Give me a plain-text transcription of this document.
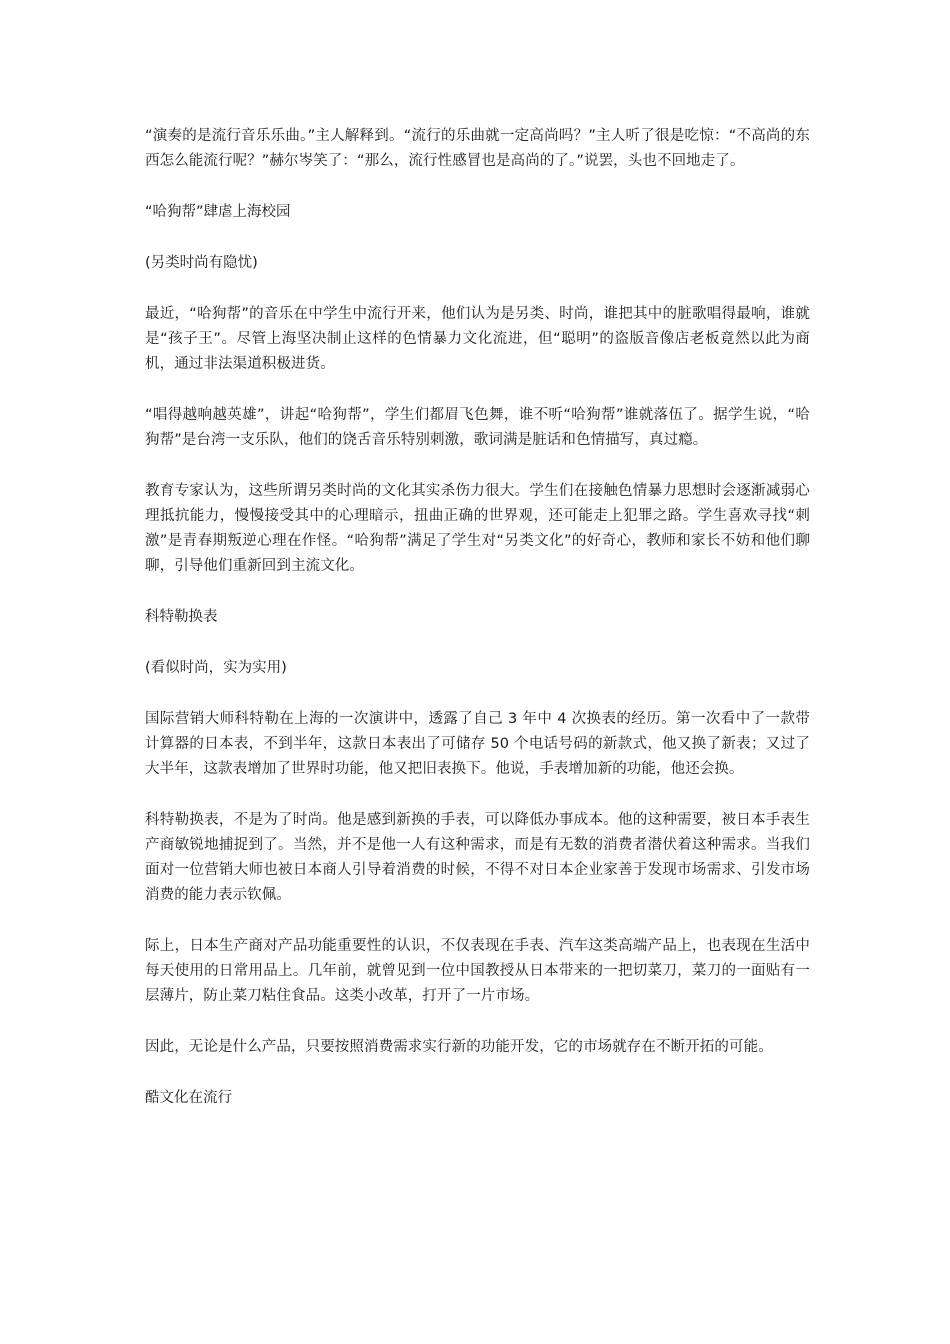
“演奏的是流行音乐乐曲。”主人解释到。“流行的乐曲就一定高尚吗？”主人听了很是吃惊：“不高尚的东西怎么能流行呢？”赫尔岑笑了：“那么，流行性感冒也是高尚的了。”说罢，头也不回地走了。

“哈狗帮”肆虐上海校园

(另类时尚有隐忧)

最近，“哈狗帮”的音乐在中学生中流行开来，他们认为是另类、时尚，谁把其中的脏歌唱得最响，谁就是“孩子王”。尽管上海坚决制止这样的色情暴力文化流进，但“聪明”的盗版音像店老板竟然以此为商机，通过非法渠道积极进货。

“唱得越响越英雄”，讲起“哈狗帮”，学生们都眉飞色舞，谁不听“哈狗帮”谁就落伍了。据学生说，“哈狗帮”是台湾一支乐队，他们的饶舌音乐特别刺激，歌词满是脏话和色情描写，真过瘾。

教育专家认为，这些所谓另类时尚的文化其实杀伤力很大。学生们在接触色情暴力思想时会逐渐减弱心理抵抗能力，慢慢接受其中的心理暗示，扭曲正确的世界观，还可能走上犯罪之路。学生喜欢寻找“刺激”是青春期叛逆心理在作怪。“哈狗帮”满足了学生对“另类文化”的好奇心，教师和家长不妨和他们聊聊，引导他们重新回到主流文化。

科特勒换表

(看似时尚，实为实用)

国际营销大师科特勒在上海的一次演讲中，透露了自己 3 年中 4 次换表的经历。第一次看中了一款带计算器的日本表，不到半年，这款日本表出了可储存 50 个电话号码的新款式，他又换了新表；又过了大半年，这款表增加了世界时功能，他又把旧表换下。他说，手表增加新的功能，他还会换。

科特勒换表，不是为了时尚。他是感到新换的手表，可以降低办事成本。他的这种需要，被日本手表生产商敏锐地捕捉到了。当然，并不是他一人有这种需求，而是有无数的消费者潜伏着这种需求。当我们面对一位营销大师也被日本商人引导着消费的时候，不得不对日本企业家善于发现市场需求、引发市场消费的能力表示钦佩。

际上，日本生产商对产品功能重要性的认识，不仅表现在手表、汽车这类高端产品上，也表现在生活中每天使用的日常用品上。几年前，就曾见到一位中国教授从日本带来的一把切菜刀，菜刀的一面贴有一层薄片，防止菜刀粘住食品。这类小改革，打开了一片市场。

因此，无论是什么产品，只要按照消费需求实行新的功能开发，它的市场就存在不断开拓的可能。

酷文化在流行
